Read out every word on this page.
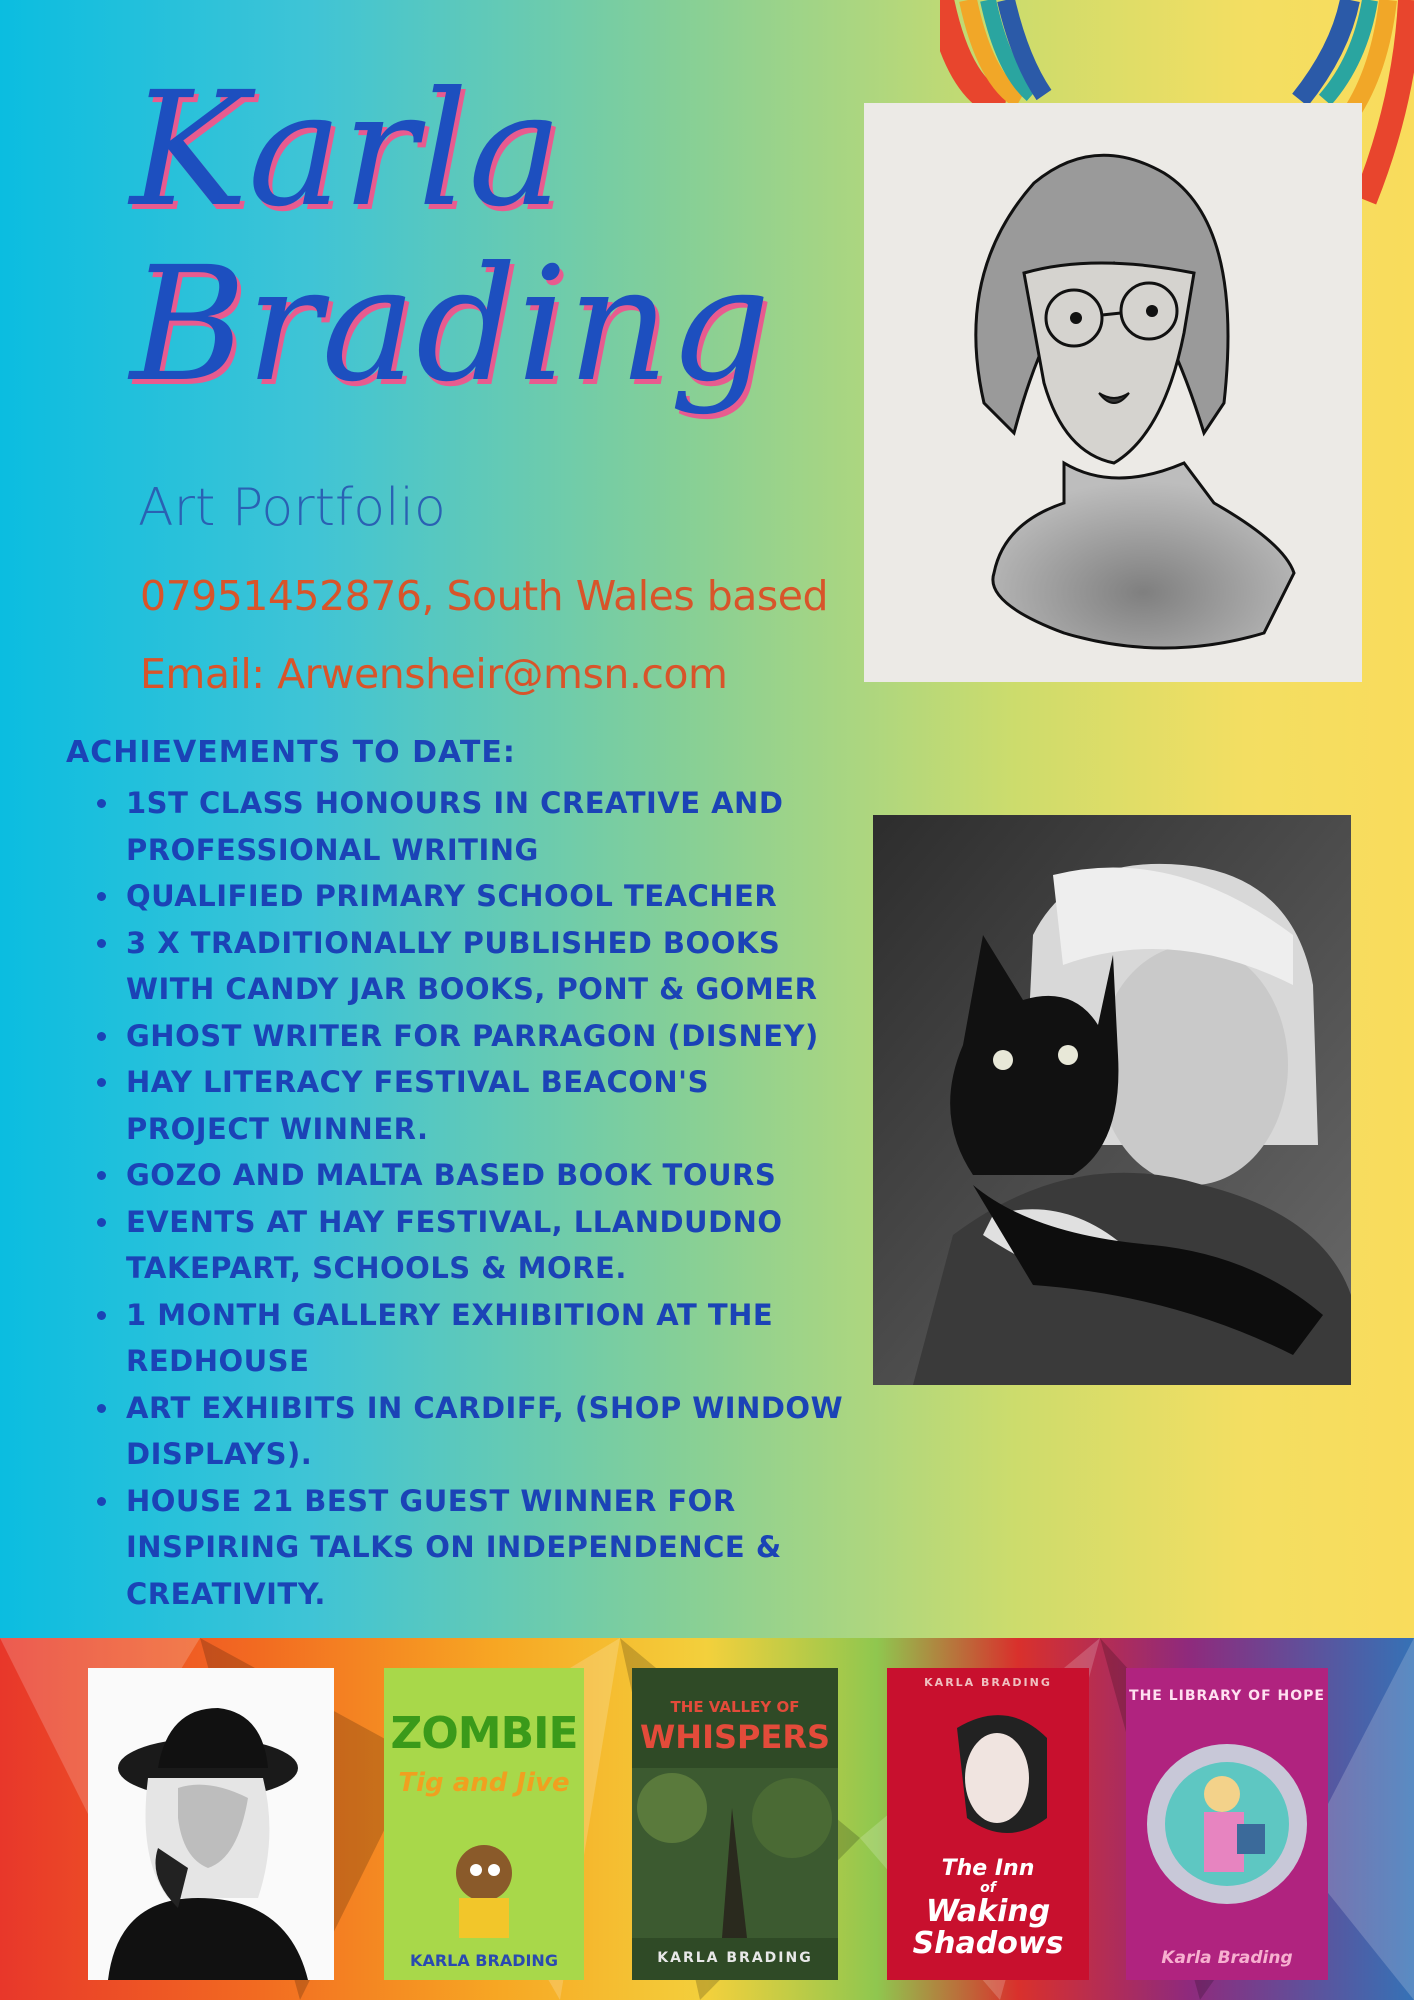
Karla
Brading
Art Portfolio
07951452876, South Wales based
Email: Arwensheir@msn.com
ACHIEVEMENTS TO DATE:
• 1ST CLASS HONOURS IN CREATIVE AND PROFESSIONAL WRITING
• QUALIFIED PRIMARY SCHOOL TEACHER
• 3 X TRADITIONALLY PUBLISHED BOOKS WITH CANDY JAR BOOKS, PONT & GOMER
• GHOST WRITER FOR PARRAGON (DISNEY)
• HAY LITERACY FESTIVAL BEACON'S PROJECT WINNER.
• GOZO AND MALTA BASED BOOK TOURS
• EVENTS AT HAY FESTIVAL, LLANDUDNO TAKEPART, SCHOOLS & MORE.
• 1 MONTH GALLERY EXHIBITION AT THE REDHOUSE
• ART EXHIBITS IN CARDIFF, (SHOP WINDOW DISPLAYS).
• HOUSE 21 BEST GUEST WINNER FOR INSPIRING TALKS ON INDEPENDENCE & CREATIVITY.
ZOMBIE
Tig and Jive
KARLA BRADING
THE VALLEY OF
WHISPERS
KARLA BRADING
KARLA BRADING
The Inn
of
Waking
Shadows
THE LIBRARY OF HOPE
Karla Brading
